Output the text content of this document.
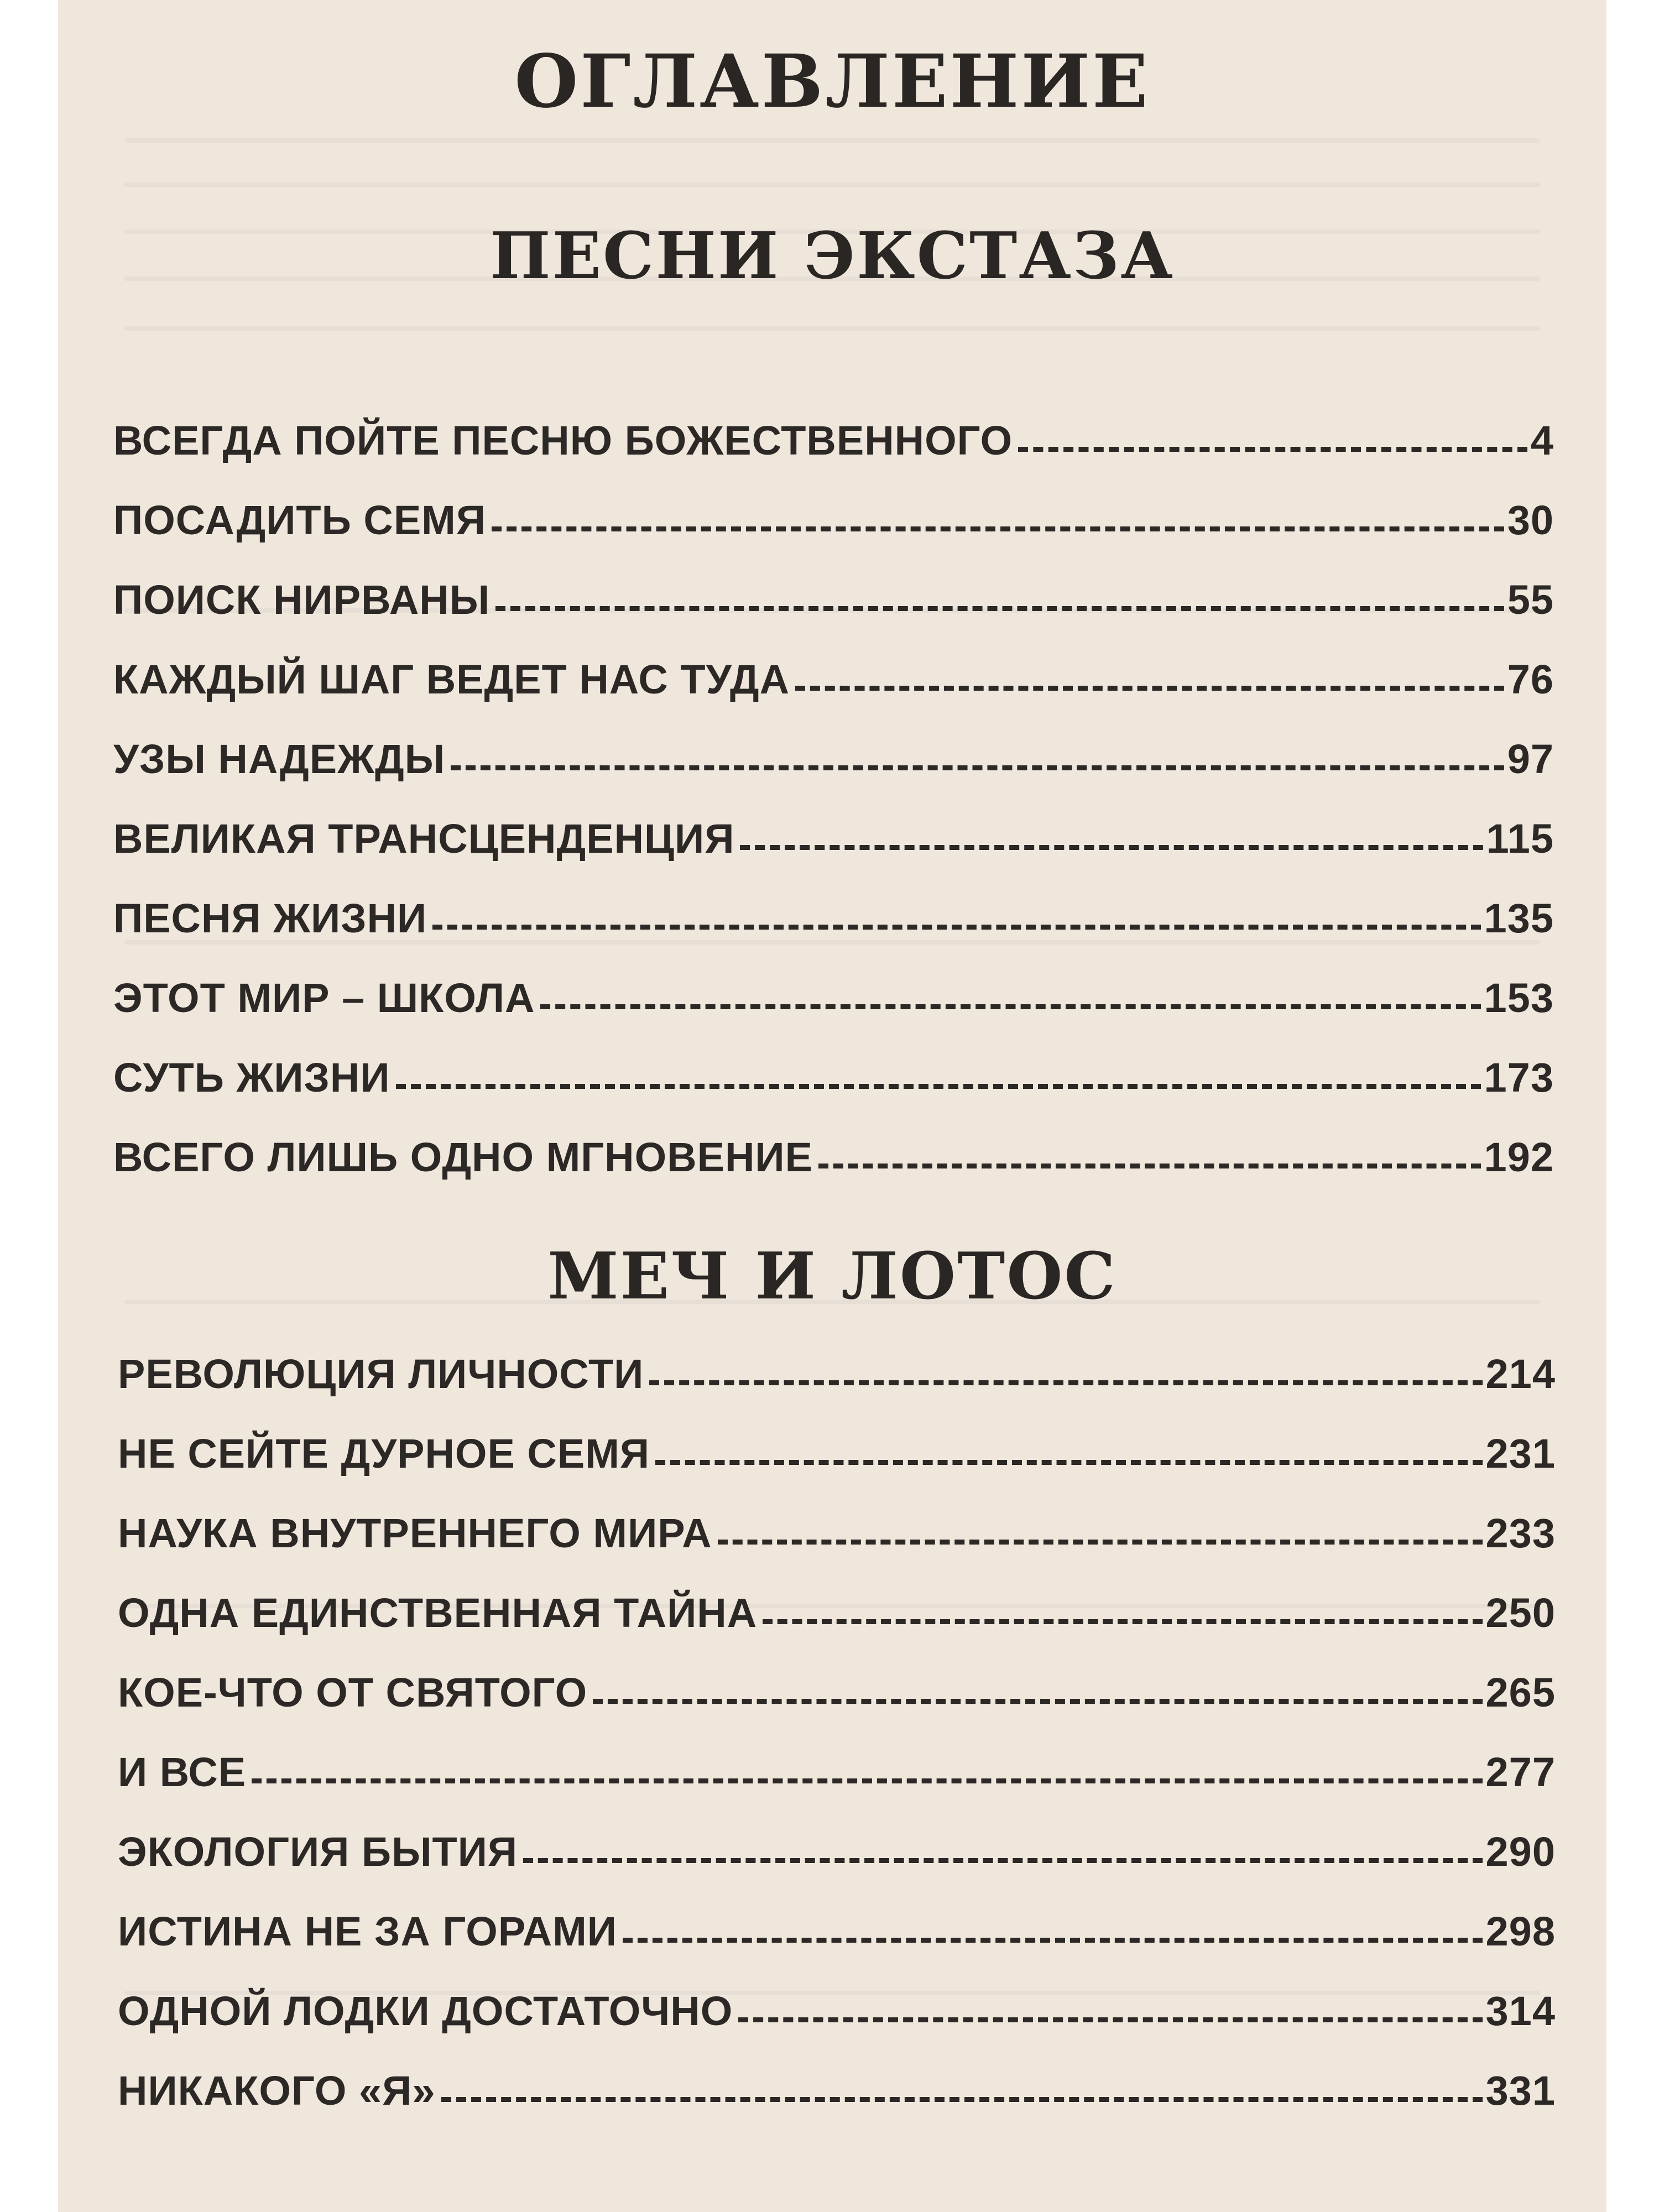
ОГЛАВЛЕНИЕ
ПЕСНИ ЭКСТАЗА
ВСЕГДА ПОЙТЕ ПЕСНЮ БОЖЕСТВЕННОГО	4
ПОСАДИТЬ СЕМЯ	30
ПОИСК НИРВАНЫ	55
КАЖДЫЙ ШАГ ВЕДЕТ НАС ТУДА	76
УЗЫ НАДЕЖДЫ	97
ВЕЛИКАЯ ТРАНСЦЕНДЕНЦИЯ	115
ПЕСНЯ ЖИЗНИ	135
ЭТОТ МИР – ШКОЛА	153
СУТЬ ЖИЗНИ	173
ВСЕГО ЛИШЬ ОДНО МГНОВЕНИЕ	192
МЕЧ И ЛОТОС
РЕВОЛЮЦИЯ ЛИЧНОСТИ	214
НЕ СЕЙТЕ ДУРНОЕ СЕМЯ	231
НАУКА ВНУТРЕННЕГО МИРА	233
ОДНА ЕДИНСТВЕННАЯ ТАЙНА	250
КОЕ-ЧТО ОТ СВЯТОГО	265
И ВСЕ	277
ЭКОЛОГИЯ БЫТИЯ	290
ИСТИНА НЕ ЗА ГОРАМИ	298
ОДНОЙ ЛОДКИ ДОСТАТОЧНО	314
НИКАКОГО «Я»	331
